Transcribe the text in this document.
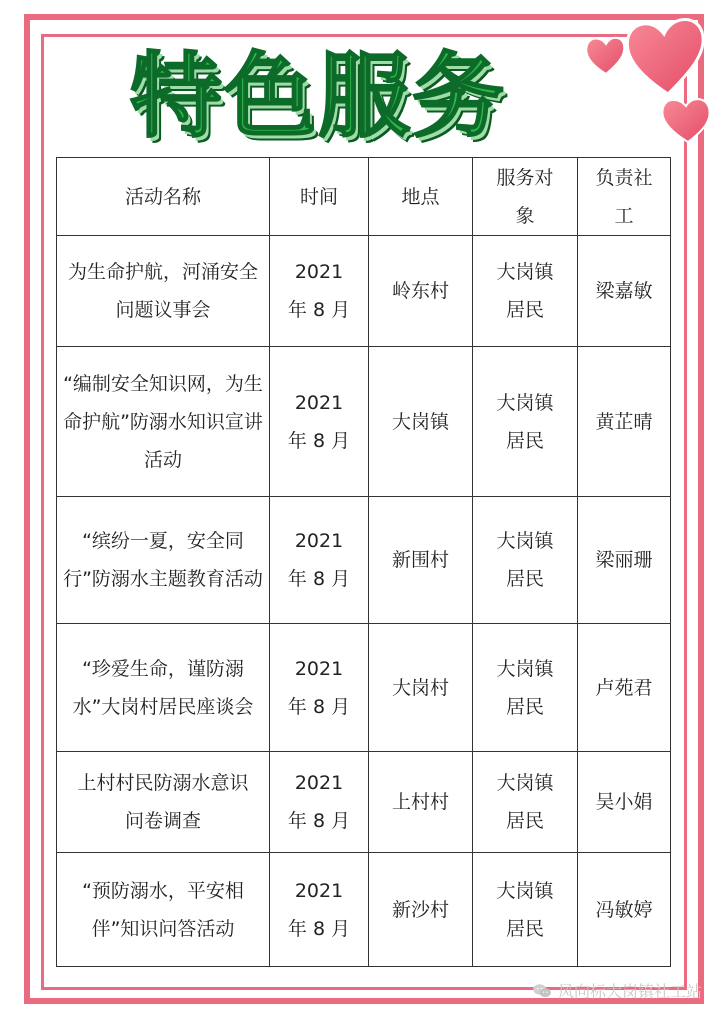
特色服务
活动名称	时间	地点	服务对象	负责社工

为生命护航，河涌安全问题议事会	2021 年 8 月	岭东村	大岗镇居民	梁嘉敏
“编制安全知识网，为生命护航”防溺水知识宣讲活动	2021 年 8 月	大岗镇	大岗镇居民	黄芷晴
“缤纷一夏，安全同行”防溺水主题教育活动	2021 年 8 月	新围村	大岗镇居民	梁丽珊
“珍爱生命，谨防溺水”大岗村居民座谈会	2021 年 8 月	大岗村	大岗镇居民	卢苑君

上村村民防溺水意识问卷调查	2021 年 8 月	上村村	大岗镇居民	吴小娟
“预防溺水，平安相伴”知识问答活动	2021 年 8 月	新沙村	大岗镇居民	冯敏婷
风向标大岗镇社工站
